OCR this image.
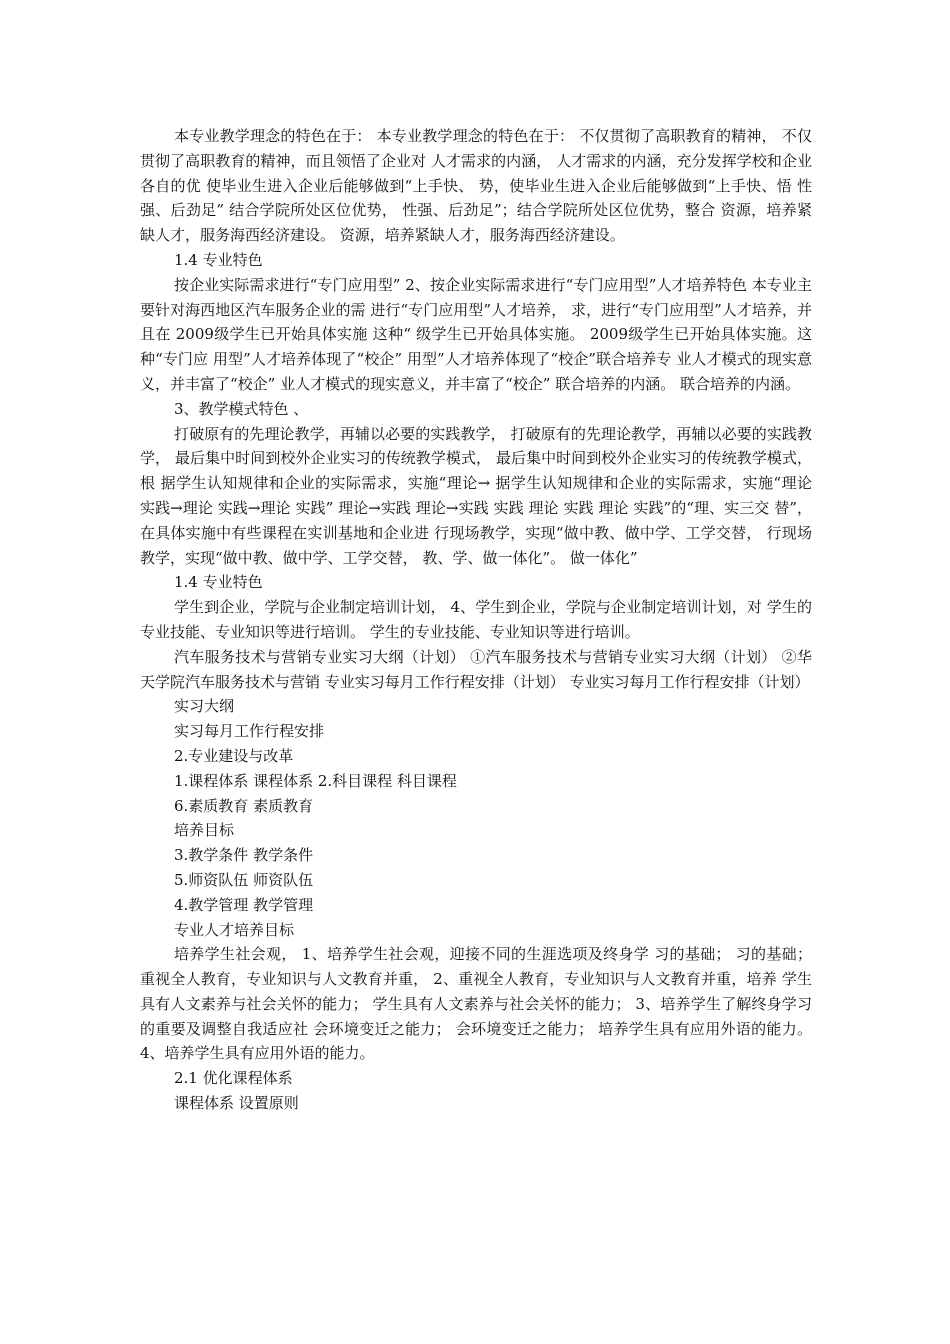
本专业教学理念的特色在于： 本专业教学理念的特色在于： 不仅贯彻了高职教育的精神， 不仅贯彻了高职教育的精神，而且领悟了企业对 人才需求的内涵， 人才需求的内涵，充分发挥学校和企业各自的优 使毕业生进入企业后能够做到“上手快、 势，使毕业生进入企业后能够做到“上手快、悟 性强、后劲足” 结合学院所处区位优势， 性强、后劲足”；结合学院所处区位优势，整合 资源，培养紧缺人才，服务海西经济建设。 资源，培养紧缺人才，服务海西经济建设。

1.4 专业特色

按企业实际需求进行“专门应用型” 2、按企业实际需求进行“专门应用型”人才培养特色 本专业主要针对海西地区汽车服务企业的需 进行“专门应用型”人才培养， 求，进行“专门应用型”人才培养，并且在 2009级学生已开始具体实施 这种“ 级学生已开始具体实施。 2009级学生已开始具体实施。这种“专门应 用型”人才培养体现了“校企” 用型”人才培养体现了“校企”联合培养专 业人才模式的现实意义，并丰富了“校企” 业人才模式的现实意义，并丰富了“校企” 联合培养的内涵。 联合培养的内涵。

3、教学模式特色 、

打破原有的先理论教学，再辅以必要的实践教学， 打破原有的先理论教学，再辅以必要的实践教学， 最后集中时间到校外企业实习的传统教学模式， 最后集中时间到校外企业实习的传统教学模式，根 据学生认知规律和企业的实际需求，实施“理论→ 据学生认知规律和企业的实际需求，实施“理论 实践→理论 实践→理论 实践” 理论→实践 理论→实践 实践 理论 实践 理论 实践”的“理、实三交 替”，在具体实施中有些课程在实训基地和企业进 行现场教学，实现“做中教、做中学、工学交替， 行现场教学，实现“做中教、做中学、工学交替， 教、学、做一体化”。 做一体化”

1.4 专业特色

学生到企业，学院与企业制定培训计划， 4、学生到企业，学院与企业制定培训计划，对 学生的专业技能、专业知识等进行培训。 学生的专业技能、专业知识等进行培训。

汽车服务技术与营销专业实习大纲（计划） ①汽车服务技术与营销专业实习大纲（计划） ②华天学院汽车服务技术与营销 专业实习每月工作行程安排（计划） 专业实习每月工作行程安排（计划）

实习大纲

实习每月工作行程安排

2.专业建设与改革

1.课程体系 课程体系 2.科目课程 科目课程

6.素质教育 素质教育

培养目标

3.教学条件 教学条件

5.师资队伍 师资队伍

4.教学管理 教学管理

专业人才培养目标

培养学生社会观， 1、培养学生社会观，迎接不同的生涯选项及终身学 习的基础； 习的基础； 重视全人教育，专业知识与人文教育并重， 2、重视全人教育，专业知识与人文教育并重，培养 学生具有人文素养与社会关怀的能力； 学生具有人文素养与社会关怀的能力； 3、培养学生了解终身学习的重要及调整自我适应社 会环境变迁之能力； 会环境变迁之能力； 培养学生具有应用外语的能力。 4、培养学生具有应用外语的能力。

2.1 优化课程体系

课程体系 设置原则
